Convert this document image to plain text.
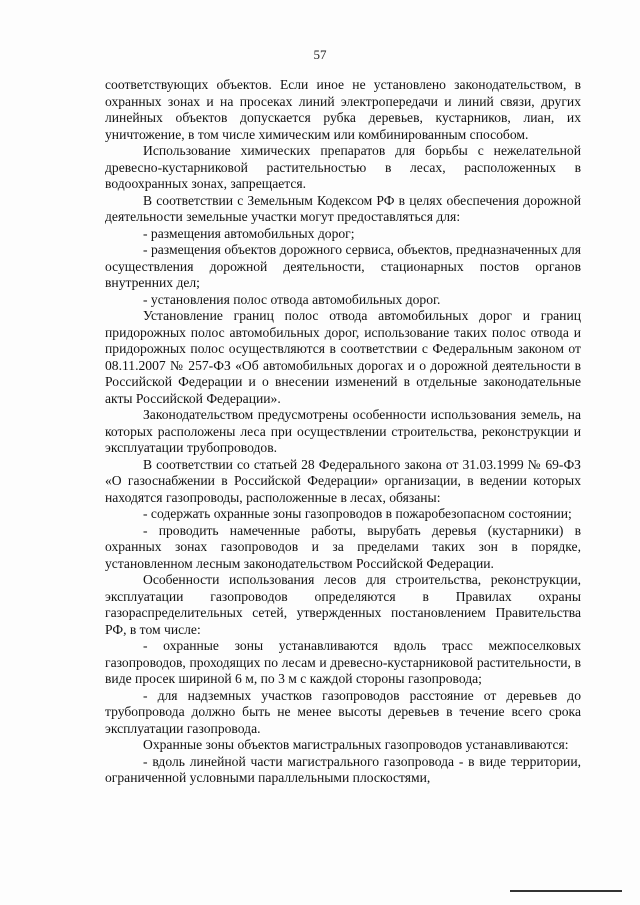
57

соответствующих объектов. Если иное не установлено законодательством, в охранных зонах и на просеках линий электропередачи и линий связи, других линейных объектов допускается рубка деревьев, кустарников, лиан, их уничтожение, в том числе химическим или комбинированным способом.

Использование химических препаратов для борьбы с нежелательной древесно-кустарниковой растительностью в лесах, расположенных в водоохранных зонах, запрещается.

В соответствии с Земельным Кодексом РФ в целях обеспечения дорожной деятельности земельные участки могут предоставляться для:

- размещения автомобильных дорог;

- размещения объектов дорожного сервиса, объектов, предназначенных для осуществления дорожной деятельности, стационарных постов органов внутренних дел;

- установления полос отвода автомобильных дорог.

Установление границ полос отвода автомобильных дорог и границ придорожных полос автомобильных дорог, использование таких полос отвода и придорожных полос осуществляются в соответствии с Федеральным законом от 08.11.2007 № 257-ФЗ «Об автомобильных дорогах и о дорожной деятельности в Российской Федерации и о внесении изменений в отдельные законодательные акты Российской Федерации».

Законодательством предусмотрены особенности использования земель, на которых расположены леса при осуществлении строительства, реконструкции и эксплуатации трубопроводов.

В соответствии со статьей 28 Федерального закона от 31.03.1999 № 69-ФЗ «О газоснабжении в Российской Федерации» организации, в ведении которых находятся газопроводы, расположенные в лесах, обязаны:

- содержать охранные зоны газопроводов в пожаробезопасном состоянии;

- проводить намеченные работы, вырубать деревья (кустарники) в охранных зонах газопроводов и за пределами таких зон в порядке, установленном лесным законодательством Российской Федерации.

Особенности использования лесов для строительства, реконструкции, эксплуатации газопроводов определяются в Правилах охраны газораспределительных сетей, утвержденных постановлением Правительства РФ, в том числе:

- охранные зоны устанавливаются вдоль трасс межпоселковых газопроводов, проходящих по лесам и древесно-кустарниковой растительности, в виде просек шириной 6 м, по 3 м с каждой стороны газопровода;

- для надземных участков газопроводов расстояние от деревьев до трубопровода должно быть не менее высоты деревьев в течение всего срока эксплуатации газопровода.

Охранные зоны объектов магистральных газопроводов устанавливаются:

- вдоль линейной части магистрального газопровода - в виде территории, ограниченной условными параллельными плоскостями,
